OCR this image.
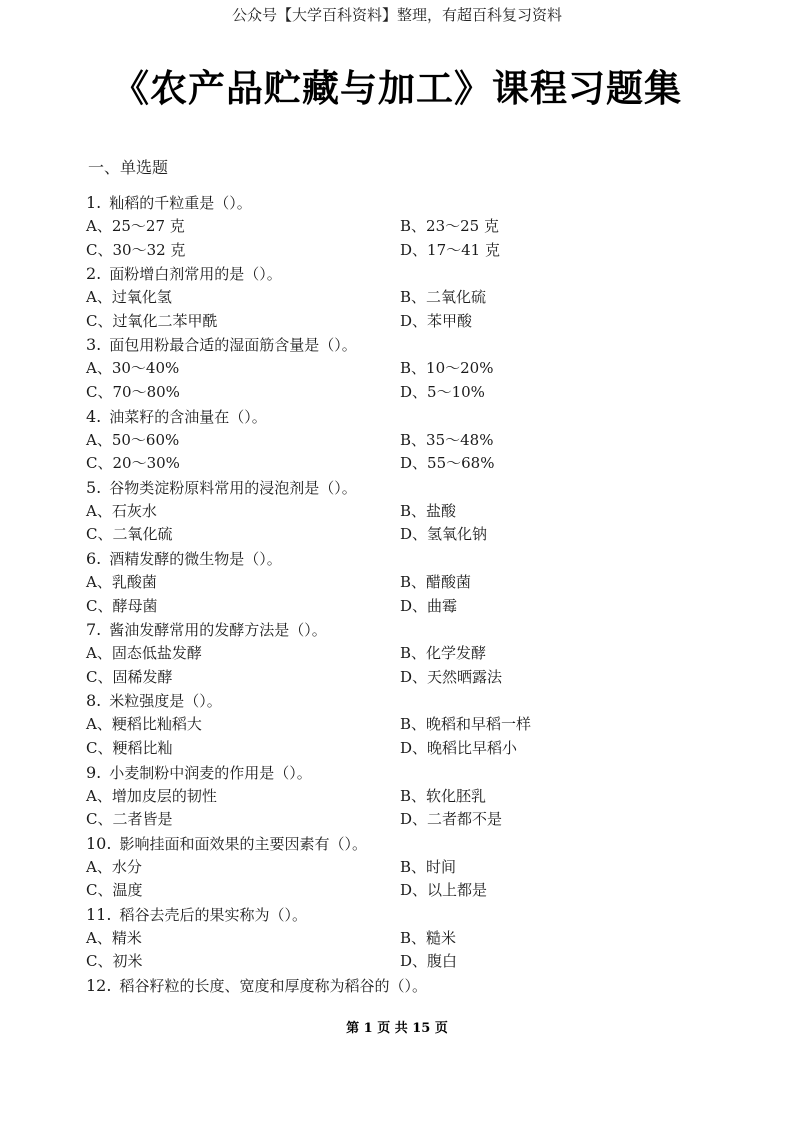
公众号【大学百科资料】整理，有超百科复习资料
《农产品贮藏与加工》课程习题集
一、单选题
1. 籼稻的千粒重是（）。
A、25～27 克	B、23～25 克
C、30～32 克	D、17～41 克
2. 面粉增白剂常用的是（）。
A、过氧化氢	B、二氧化硫
C、过氧化二苯甲酰	D、苯甲酸
3. 面包用粉最合适的湿面筋含量是（）。
A、30～40%	B、10～20%
C、70～80%	D、5～10%
4. 油菜籽的含油量在（）。
A、50～60%	B、35～48%
C、20～30%	D、55～68%
5. 谷物类淀粉原料常用的浸泡剂是（）。
A、石灰水	B、盐酸
C、二氧化硫	D、氢氧化钠
6. 酒精发酵的微生物是（）。
A、乳酸菌	B、醋酸菌
C、酵母菌	D、曲霉
7. 酱油发酵常用的发酵方法是（）。
A、固态低盐发酵	B、化学发酵
C、固稀发酵	D、天然晒露法
8. 米粒强度是（）。
A、粳稻比籼稻大	B、晚稻和早稻一样
C、粳稻比籼	D、晚稻比早稻小
9. 小麦制粉中润麦的作用是（）。
A、增加皮层的韧性	B、软化胚乳
C、二者皆是	D、二者都不是
10. 影响挂面和面效果的主要因素有（）。
A、水分	B、时间
C、温度	D、以上都是
11. 稻谷去壳后的果实称为（）。
A、精米	B、糙米
C、初米	D、腹白
12. 稻谷籽粒的长度、宽度和厚度称为稻谷的（）。
第 1 页 共 15 页
